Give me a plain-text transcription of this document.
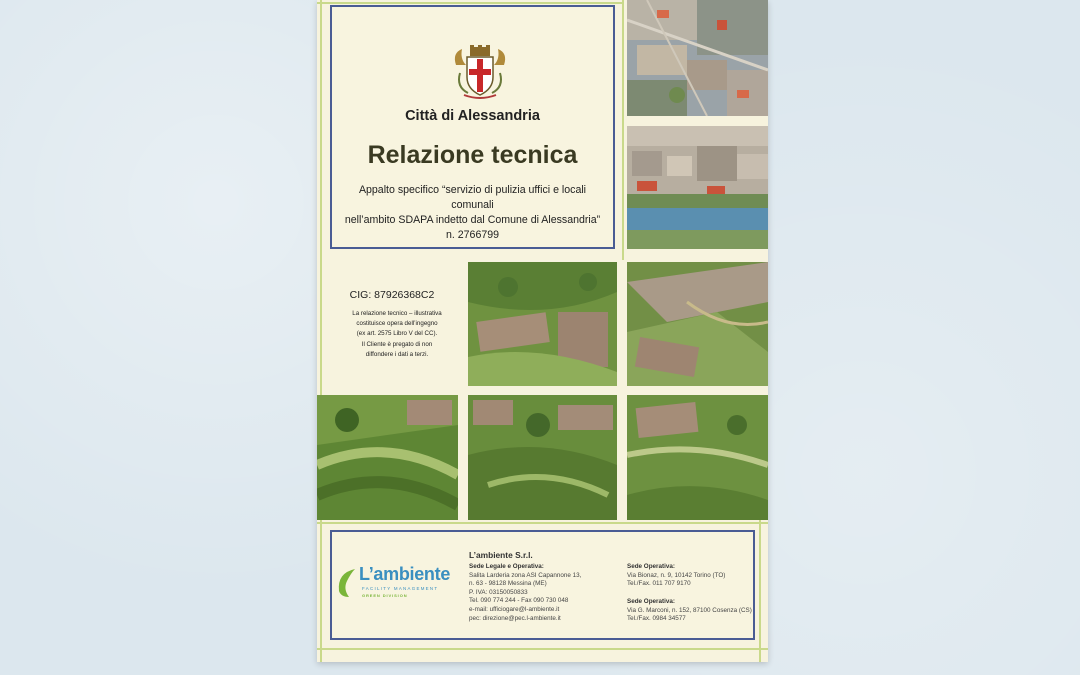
Città di Alessandria
Relazione tecnica
Appalto specifico “servizio di pulizia uffici e locali comunali
nell’ambito SDAPA indetto dal Comune di Alessandria”
n. 2766799
CIG: 87926368C2
La relazione tecnico – illustrativa
costituisce opera dell’ingegno
(ex art. 2575 Libro V del CC).
Il Cliente è pregato di non
diffondere i dati a terzi.
L’ambiente
FACILITY MANAGEMENT
GREEN DIVISION
L’ambiente S.r.l.
Sede Legale e Operativa:
Salita Larderia zona ASI Capannone 13,
n. 63 - 98128 Messina (ME)
P. IVA: 03150050833
Tel. 090 774 244 - Fax 090 730 048
e-mail: ufficiogare@l-ambiente.it
pec: direzione@pec.l-ambiente.it
Sede Operativa:
Via Bionaz, n. 9, 10142 Torino (TO)
Tel./Fax. 011 707 9170
Sede Operativa:
Via G. Marconi, n. 152, 87100 Cosenza (CS)
Tel./Fax. 0984 34577
